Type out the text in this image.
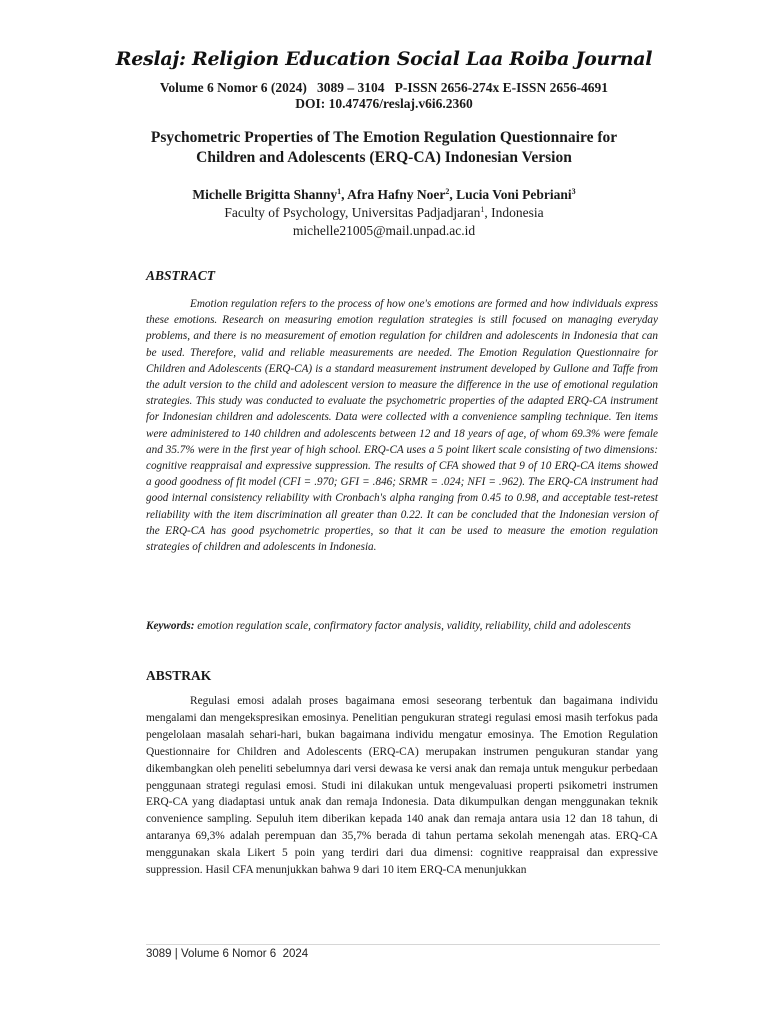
Reslaj: Religion Education Social Laa Roiba Journal
Volume 6 Nomor 6 (2024)   3089 – 3104   P-ISSN 2656-274x E-ISSN 2656-4691
DOI: 10.47476/reslaj.v6i6.2360
Psychometric Properties of The Emotion Regulation Questionnaire for
Children and Adolescents (ERQ-CA) Indonesian Version
Michelle Brigitta Shanny$^1$, Afra Hafny Noer$^2$, Lucia Voni Pebriani$^3$
Faculty of Psychology, Universitas Padjadjaran$^1$, Indonesia
michelle21005@mail.unpad.ac.id
ABSTRACT

Emotion regulation refers to the process of how one's emotions are formed and how individuals express these emotions. Research on measuring emotion regulation strategies is still focused on managing everyday problems, and there is no measurement of emotion regulation for children and adolescents in Indonesia that can be used. Therefore, valid and reliable measurements are needed. The Emotion Regulation Questionnaire for Children and Adolescents (ERQ-CA) is a standard measurement instrument developed by Gullone and Taffe from the adult version to the child and adolescent version to measure the difference in the use of emotional regulation strategies. This study was conducted to evaluate the psychometric properties of the adapted ERQ-CA instrument for Indonesian children and adolescents. Data were collected with a convenience sampling technique. Ten items were administered to 140 children and adolescents between 12 and 18 years of age, of whom 69.3% were female and 35.7% were in the first year of high school. ERQ-CA uses a 5 point likert scale consisting of two dimensions: cognitive reappraisal and expressive suppression. The results of CFA showed that 9 of 10 ERQ-CA items showed a good goodness of fit model (CFI = .970; GFI = .846; SRMR = .024; NFI = .962). The ERQ-CA instrument had good internal consistency reliability with Cronbach's alpha ranging from 0.45 to 0.98, and acceptable test-retest reliability with the item discrimination all greater than 0.22. It can be concluded that the Indonesian version of the ERQ-CA has good psychometric properties, so that it can be used to measure the emotion regulation strategies of children and adolescents in Indonesia.

Keywords: emotion regulation scale, confirmatory factor analysis, validity, reliability, child and adolescents

ABSTRAK

Regulasi emosi adalah proses bagaimana emosi seseorang terbentuk dan bagaimana individu mengalami dan mengekspresikan emosinya. Penelitian pengukuran strategi regulasi emosi masih terfokus pada pengelolaan masalah sehari-hari, bukan bagaimana individu mengatur emosinya. The Emotion Regulation Questionnaire for Children and Adolescents (ERQ-CA) merupakan instrumen pengukuran standar yang dikembangkan oleh peneliti sebelumnya dari versi dewasa ke versi anak dan remaja untuk mengukur perbedaan penggunaan strategi regulasi emosi. Studi ini dilakukan untuk mengevaluasi properti psikometri instrumen ERQ-CA yang diadaptasi untuk anak dan remaja Indonesia. Data dikumpulkan dengan menggunakan teknik convenience sampling. Sepuluh item diberikan kepada 140 anak dan remaja antara usia 12 dan 18 tahun, di antaranya 69,3% adalah perempuan dan 35,7% berada di tahun pertama sekolah menengah atas. ERQ-CA menggunakan skala Likert 5 poin yang terdiri dari dua dimensi: cognitive reappraisal dan expressive suppression. Hasil CFA menunjukkan bahwa 9 dari 10 item ERQ-CA menunjukkan

3089 | Volume 6 Nomor 6  2024
